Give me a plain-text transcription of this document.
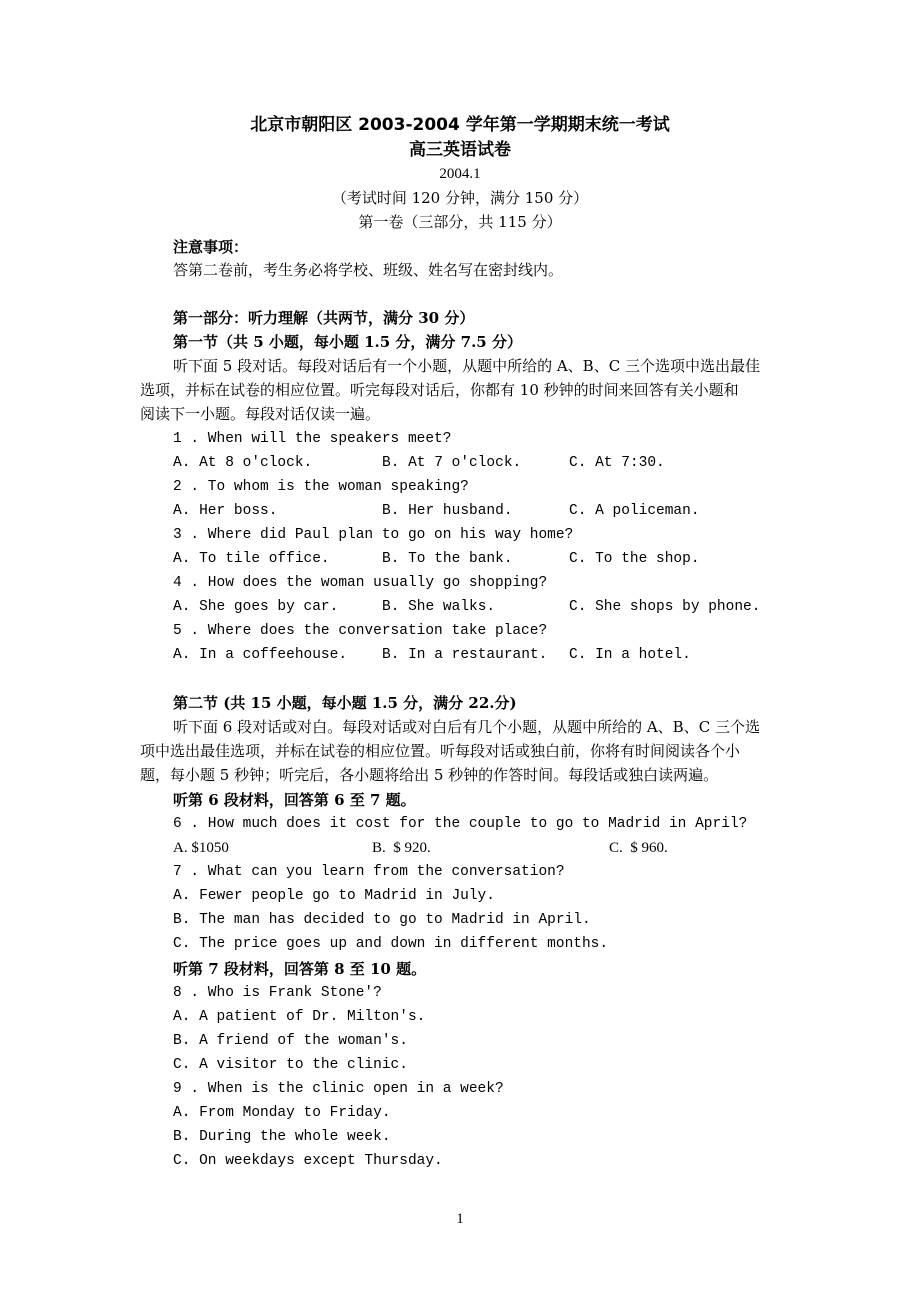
北京市朝阳区 2003-2004 学年第一学期期末统一考试
高三英语试卷
2004.1
（考试时间 120 分钟，满分 150 分）
第一卷（三部分，共 115 分）
注意事项：
答第二卷前，考生务必将学校、班级、姓名写在密封线内。
第一部分：听力理解（共两节，满分 30 分）
第一节（共 5 小题，每小题 1.5 分，满分 7.5 分）
听下面 5 段对话。每段对话后有一个小题，从题中所给的 A、B、C 三个选项中选出最佳
选项，并标在试卷的相应位置。听完每段对话后，你都有 10 秒钟的时间来回答有关小题和
阅读下一小题。每段对话仅读一遍。
1 . When will the speakers meet?
A. At 8 o'clock.	B. At 7 o'clock.	C. At 7:30.
2 . To whom is the woman speaking?
A. Her boss.	B. Her husband.	C. A policeman.
3 . Where did Paul plan to go on his way home?
A. To tile office.	B. To the bank.	C. To the shop.
4 . How does the woman usually go shopping?
A. She goes by car.	B. She walks.	C. She shops by phone.
5 . Where does the conversation take place?
A. In a coffeehouse. B. In a restaurant. C. In a hotel.
第二节 (共 15 小题，每小题 1.5 分，满分 22.分)
听下面 6 段对话或对白。每段对话或对白后有几个小题，从题中所给的 A、B、C 三个选
项中选出最佳选项，并标在试卷的相应位置。听每段对话或独白前，你将有时间阅读各个小
题，每小题 5 秒钟；听完后，各小题将给出 5 秒钟的作答时间。每段话或独白读两遍。
听第 6 段材料，回答第 6 至 7 题。
6 . How much does it cost for the couple to go to Madrid in April?
A. $1050	B.  $ 920.	C.  $ 960.
7 . What can you learn from the conversation?
A. Fewer people go to Madrid in July.
B. The man has decided to go to Madrid in April.
C. The price goes up and down in different months.
听第 7 段材料，回答第 8 至 10 题。
8 . Who is Frank Stone'?
A. A patient of Dr. Milton's.
B. A friend of the woman's.
C. A visitor to the clinic.
9 . When is the clinic open in a week?
A. From Monday to Friday.
B. During the whole week.
C. On weekdays except Thursday.
1
